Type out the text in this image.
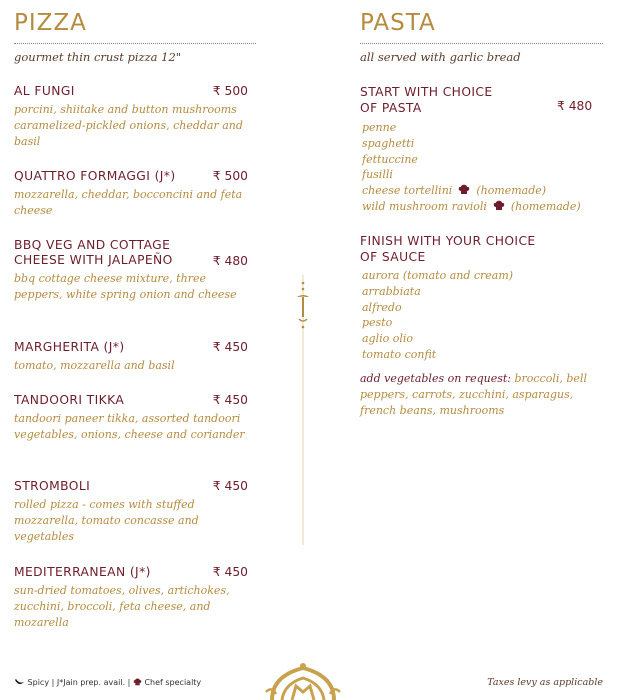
PIZZA

gourmet thin crust pizza 12"

AL FUNGI	₹ 500
porcini, shiitake and button mushrooms caramelized-pickled onions, cheddar and basil
QUATTRO FORMAGGI (J*)	₹ 500
mozzarella, cheddar, bocconcini and feta cheese
BBQ VEG AND COTTAGE CHEESE WITH JALAPEÑO	₹ 480
bbq cottage cheese mixture, three peppers, white spring onion and cheese
MARGHERITA (J*)	₹ 450
tomato, mozzarella and basil
TANDOORI TIKKA	₹ 450
tandoori paneer tikka, assorted tandoori vegetables, onions, cheese and coriander
STROMBOLI	₹ 450
rolled pizza - comes with stuffed mozzarella, tomato concasse and vegetables
MEDITERRANEAN (J*)	₹ 450
sun-dried tomatoes, olives, artichokes, zucchini, broccoli, feta cheese, and mozarella
PASTA

all served with garlic bread

START WITH CHOICE OF PASTA	₹ 480
penne
spaghetti
fettuccine
fusilli
cheese tortellini (homemade)
wild mushroom ravioli (homemade)
FINISH WITH YOUR CHOICE OF SAUCE
aurora (tomato and cream)
arrabbiata
alfredo
pesto
aglio olio
tomato confit
add vegetables on request: broccoli, bell peppers, carrots, zucchini, asparagus, french beans, mushrooms
Spicy | J*Jain prep. avail. |  Chef specialty	Taxes levy as applicable
